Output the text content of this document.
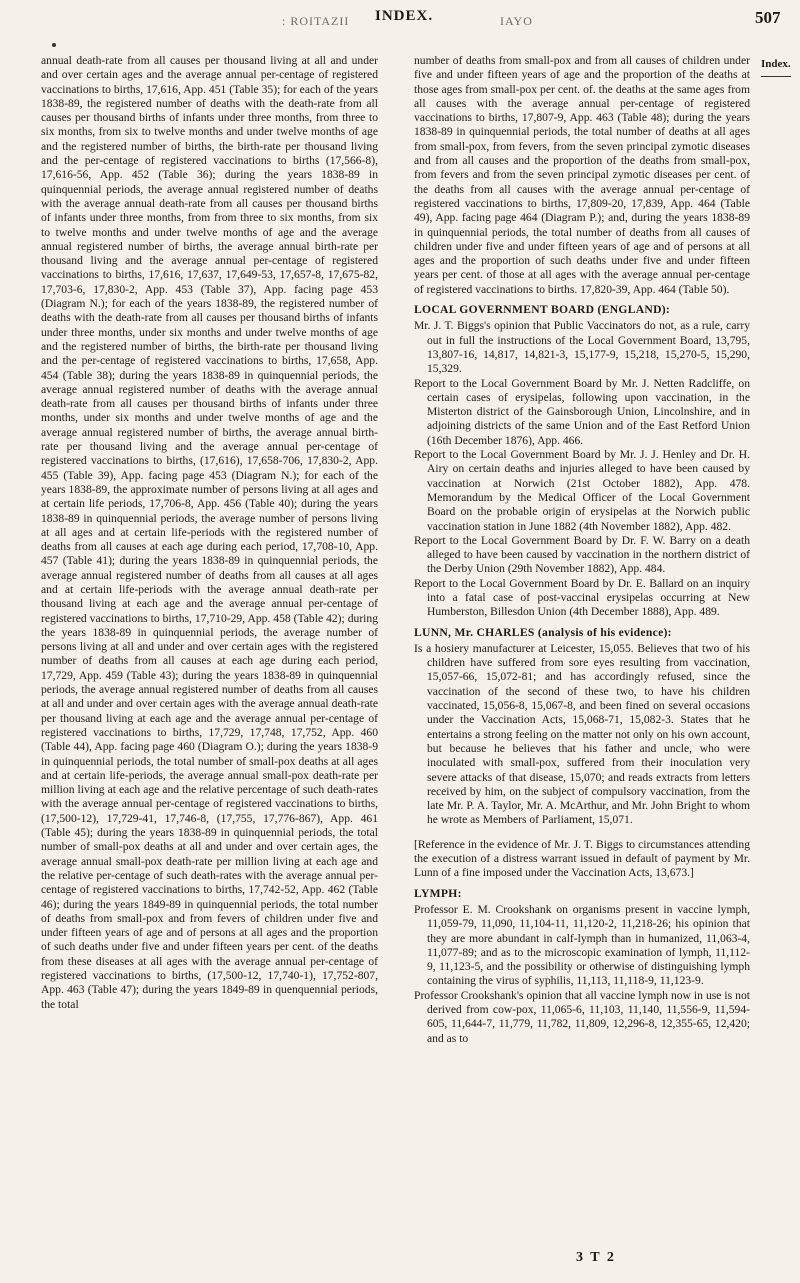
: ROITAZII INDEX.	IAYO	507
Index.

annual death-rate from all causes per thousand living at all and under and over certain ages and the average annual per-centage of registered vaccinations to births, 17,616, App. 451 (Table 35); for each of the years 1838-89, the registered number of deaths with the death-rate from all causes per thousand births of infants under three months, from three to six months, from six to twelve months and under twelve months of age and the registered number of births, the birth-rate per thousand living and the per-centage of registered vaccinations to births (17,566-8), 17,616-56, App. 452 (Table 36); during the years 1838-89 in quinquennial periods, the average annual registered number of deaths with the average annual death-rate from all causes per thousand births of infants under three months, from from three to six months, from six to twelve months and under twelve months of age and the average annual registered number of births, the average annual birth-rate per thousand living and the average annual per-centage of registered vaccinations to births, 17,616, 17,637, 17,649-53, 17,657-8, 17,675-82, 17,703-6, 17,830-2, App. 453 (Table 37), App. facing page 453 (Diagram N.); for each of the years 1838-89, the registered number of deaths with the death-rate from all causes per thousand births of infants under three months, under six months and under twelve months of age and the registered number of births, the birth-rate per thousand living and the per-centage of registered vaccinations to births, 17,658, App. 454 (Table 38); during the years 1838-89 in quinquennial periods, the average annual registered number of deaths with the average annual death-rate from all causes per thousand births of infants under three months, under six months and under twelve months of age and the average annual registered number of births, the average annual birth-rate per thousand living and the average annual per-centage of registered vaccinations to births, (17,616), 17,658-706, 17,830-2, App. 455 (Table 39), App. facing page 453 (Diagram N.); for each of the years 1838-89, the approximate number of persons living at all ages and at certain life periods, 17,706-8, App. 456 (Table 40); during the years 1838-89 in quinquennial periods, the average number of persons living at all ages and at certain life-periods with the registered number of deaths from all causes at each age during each period, 17,708-10, App. 457 (Table 41); during the years 1838-89 in quinquennial periods, the average annual registered number of deaths from all causes at all ages and at certain life-periods with the average annual death-rate per thousand living at each age and the average annual per-centage of registered vaccinations to births, 17,710-29, App. 458 (Table 42); during the years 1838-89 in quinquennial periods, the average number of persons living at all and under and over certain ages with the registered number of deaths from all causes at each age during each period, 17,729, App. 459 (Table 43); during the years 1838-89 in quinquennial periods, the average annual registered number of deaths from all causes at all and under and over certain ages with the average annual death-rate per thousand living at each age and the average annual per-centage of registered vaccinations to births, 17,729, 17,748, 17,752, App. 460 (Table 44), App. facing page 460 (Diagram O.); during the years 1838-9 in quinquennial periods, the total number of small-pox deaths at all ages and at certain life-periods, the average annual small-pox death-rate per million living at each age and the relative percentage of such death-rates with the average annual per-centage of registered vaccinations to births, (17,500-12), 17,729-41, 17,746-8, (17,755, 17,776-867), App. 461 (Table 45); during the years 1838-89 in quinquennial periods, the total number of small-pox deaths at all and under and over certain ages, the average annual small-pox death-rate per million living at each age and the relative per-centage of such death-rates with the average annual per-centage of registered vaccinations to births, 17,742-52, App. 462 (Table 46); during the years 1849-89 in quinquennial periods, the total number of deaths from small-pox and from fevers of children under five and under fifteen years of age and of persons at all ages and the proportion of such deaths under five and under fifteen years per cent. of the deaths from these diseases at all ages with the average annual per-centage of registered vaccinations to births, (17,500-12, 17,740-1), 17,752-807, App. 463 (Table 47); during the years 1849-89 in quenquennial periods, the total

number of deaths from small-pox and from all causes of children under five and under fifteen years of age and the proportion of the deaths at those ages from small-pox per cent. of. the deaths at the same ages from all causes with the average annual per-centage of registered vaccinations to births, 17,807-9, App. 463 (Table 48); during the years 1838-89 in quinquennial periods, the total number of deaths at all ages from small-pox, from fevers, from the seven principal zymotic diseases and from all causes and the proportion of the deaths from small-pox, from fevers and from the seven principal zymotic diseases per cent. of the deaths from all causes with the average annual per-centage of registered vaccinations to births, 17,809-20, 17,839, App. 464 (Table 49), App. facing page 464 (Diagram P.); and, during the years 1838-89 in quinquennial periods, the total number of deaths from all causes of children under five and under fifteen years of age and of persons at all ages and the proportion of such deaths under five and under fifteen years per cent. of those at all ages with the average annual per-centage of registered vaccinations to births. 17,820-39, App. 464 (Table 50).

LOCAL GOVERNMENT BOARD (ENGLAND):

Mr. J. T. Biggs's opinion that Public Vaccinators do not, as a rule, carry out in full the instructions of the Local Government Board, 13,795, 13,807-16, 14,817, 14,821-3, 15,177-9, 15,218, 15,270-5, 15,290, 15,329.

Report to the Local Government Board by Mr. J. Netten Radcliffe, on certain cases of erysipelas, following upon vaccination, in the Misterton district of the Gainsborough Union, Lincolnshire, and in adjoining districts of the same Union and of the East Retford Union (16th December 1876), App. 466.

Report to the Local Government Board by Mr. J. J. Henley and Dr. H. Airy on certain deaths and injuries alleged to have been caused by vaccination at Norwich (21st October 1882), App. 478. Memorandum by the Medical Officer of the Local Government Board on the probable origin of erysipelas at the Norwich public vaccination station in June 1882 (4th November 1882), App. 482.

Report to the Local Government Board by Dr. F. W. Barry on a death alleged to have been caused by vaccination in the northern district of the Derby Union (29th November 1882), App. 484.

Report to the Local Government Board by Dr. E. Ballard on an inquiry into a fatal case of post-vaccinal erysipelas occurring at New Humberston, Billesdon Union (4th December 1888), App. 489.

LUNN, Mr. CHARLES (analysis of his evidence):

Is a hosiery manufacturer at Leicester, 15,055. Believes that two of his children have suffered from sore eyes resulting from vaccination, 15,057-66, 15,072-81; and has accordingly refused, since the vaccination of the second of these two, to have his children vaccinated, 15,056-8, 15,067-8, and been fined on several occasions under the Vaccination Acts, 15,068-71, 15,082-3. States that he entertains a strong feeling on the matter not only on his own account, but because he believes that his father and uncle, who were inoculated with small-pox, suffered from their inoculation very severe attacks of that disease, 15,070; and reads extracts from letters received by him, on the subject of compulsory vaccination, from the late Mr. P. A. Taylor, Mr. A. McArthur, and Mr. John Bright to whom he wrote as Members of Parliament, 15,071.

[Reference in the evidence of Mr. J. T. Biggs to circumstances attending the execution of a distress warrant issued in default of payment by Mr. Lunn of a fine imposed under the Vaccination Acts, 13,673.]

LYMPH:

Professor E. M. Crookshank on organisms present in vaccine lymph, 11,059-79, 11,090, 11,104-11, 11,120-2, 11,218-26; his opinion that they are more abundant in calf-lymph than in humanized, 11,063-4, 11,077-89; and as to the microscopic examination of lymph, 11,112-9, 11,123-5, and the possibility or otherwise of distinguishing lymph containing the virus of syphilis, 11,113, 11,118-9, 11,123-9.

Professor Crookshank's opinion that all vaccine lymph now in use is not derived from cow-pox, 11,065-6, 11,103, 11,140, 11,556-9, 11,594-605, 11,644-7, 11,779, 11,782, 11,809, 12,296-8, 12,355-65, 12,420; and as to

3 T 2
